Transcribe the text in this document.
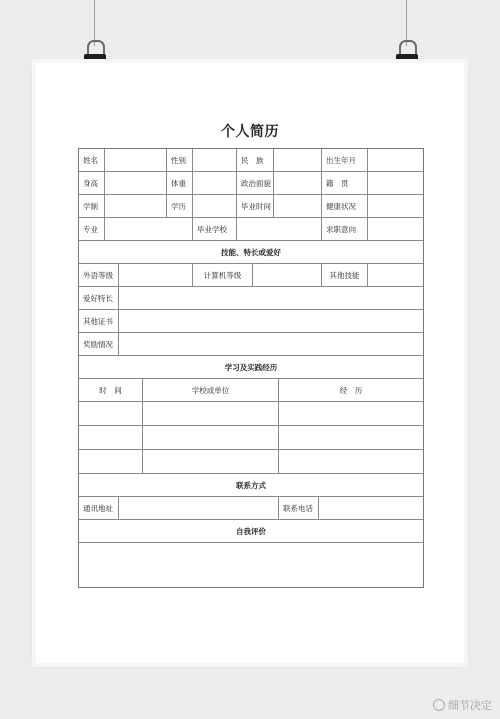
个人简历
姓名	性别	民　族	出生年月
身高	体重	政治面貌	籍　贯
学制	学历	毕业时间	健康状况
专业	毕业学校	求职意向
技能、特长或爱好
外语等级	计算机等级	其他技能
爱好特长
其他证书
奖励情况
学习及实践经历
时　间	学校或单位	经　历
联系方式
通讯地址	联系电话
自我评价
细节决定
